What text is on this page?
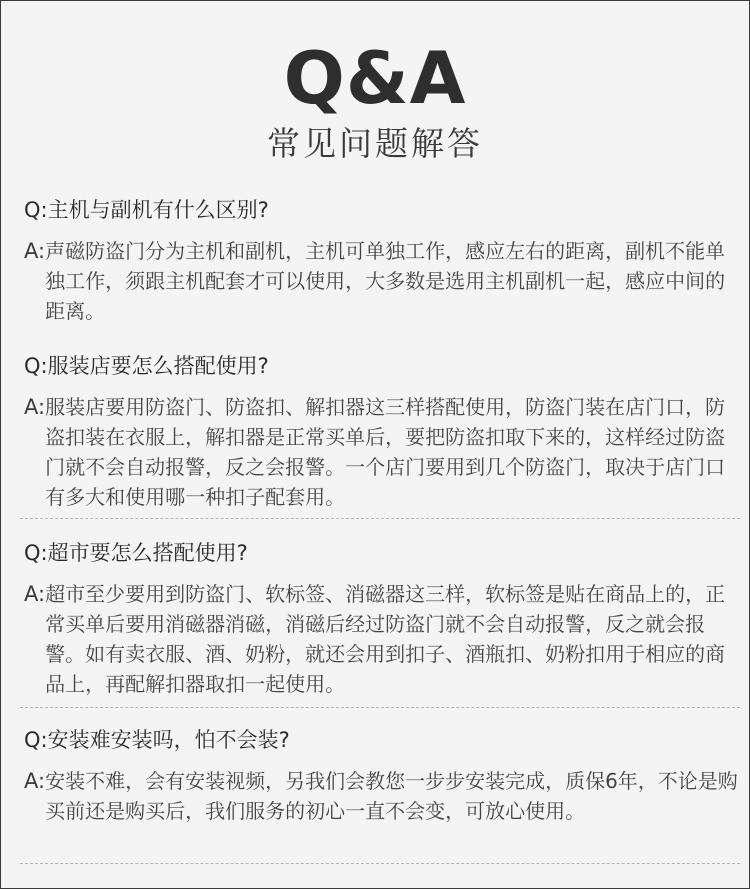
Q&A
常见问题解答

Q:主机与副机有什么区别?

A: 声磁防盗门分为主机和副机，主机可单独工作，感应左右的距离，副机不能单独工作，须跟主机配套才可以使用，大多数是选用主机副机一起，感应中间的距离。

Q:服装店要怎么搭配使用?

A: 服装店要用防盗门、防盗扣、解扣器这三样搭配使用，防盗门装在店门口，防盗扣装在衣服上，解扣器是正常买单后，要把防盗扣取下来的，这样经过防盗门就不会自动报警，反之会报警。一个店门要用到几个防盗门，取决于店门口有多大和使用哪一种扣子配套用。

Q:超市要怎么搭配使用?

A: 超市至少要用到防盗门、软标签、消磁器这三样，软标签是贴在商品上的，正常买单后要用消磁器消磁，消磁后经过防盗门就不会自动报警，反之就会报警。如有卖衣服、酒、奶粉，就还会用到扣子、酒瓶扣、奶粉扣用于相应的商品上，再配解扣器取扣一起使用。

Q:安装难安装吗，怕不会装?

A: 安装不难，会有安装视频，另我们会教您一步步安装完成，质保6年，不论是购买前还是购买后，我们服务的初心一直不会变，可放心使用。
